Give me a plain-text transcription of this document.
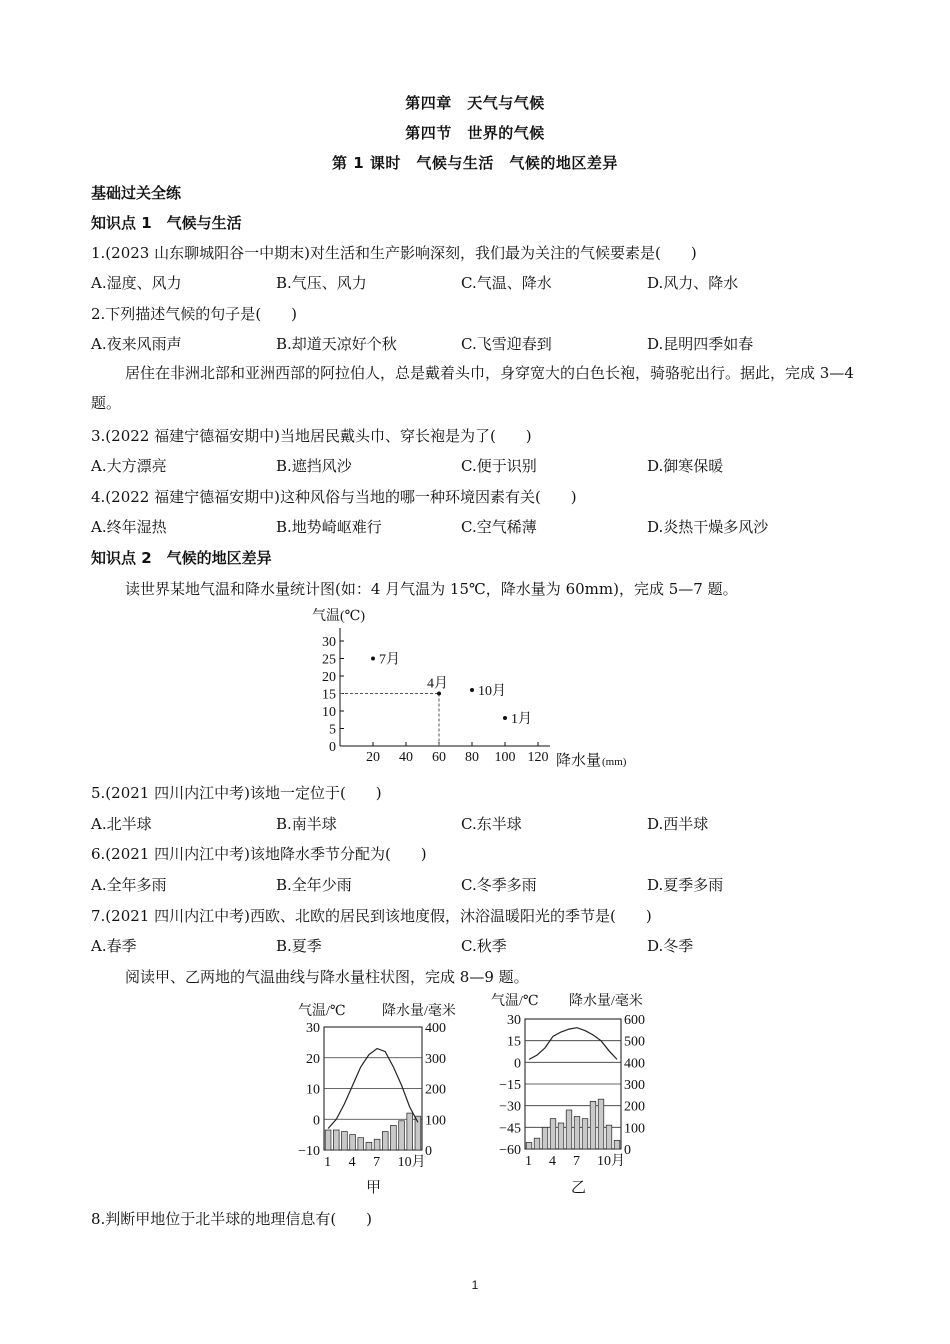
第四章　天气与气候
第四节　世界的气候
第 1 课时　气候与生活　气候的地区差异
基础过关全练
知识点 1　气候与生活
1.(2023 山东聊城阳谷一中期末)对生活和生产影响深刻，我们最为关注的气候要素是(　　)
A.湿度、风力	B.气压、风力	C.气温、降水	D.风力、降水
2.下列描述气候的句子是(　　)
A.夜来风雨声	B.却道天凉好个秋	C.飞雪迎春到	D.昆明四季如春
居住在非洲北部和亚洲西部的阿拉伯人，总是戴着头巾，身穿宽大的白色长袍，骑骆驼出行。据此，完成 3—4 题。
3.(2022 福建宁德福安期中)当地居民戴头巾、穿长袍是为了(　　)
A.大方漂亮	B.遮挡风沙	C.便于识别	D.御寒保暖
4.(2022 福建宁德福安期中)这种风俗与当地的哪一种环境因素有关(　　)
A.终年湿热	B.地势崎岖难行	C.空气稀薄	D.炎热干燥多风沙
知识点 2　气候的地区差异
读世界某地气温和降水量统计图(如：4 月气温为 15℃，降水量为 60mm)，完成 5—7 题。
气温(℃)
0
5
10
15
20
25
30
20 40 60 80 100 120
7月
4月 10月
1月
降水量 (mm)
5.(2021 四川内江中考)该地一定位于(　　)
A.北半球	B.南半球	C.东半球	D.西半球
6.(2021 四川内江中考)该地降水季节分配为(　　)
A.全年多雨	B.全年少雨	C.冬季多雨	D.夏季多雨
7.(2021 四川内江中考)西欧、北欧的居民到该地度假，沐浴温暖阳光的季节是(　　)
A.春季	B.夏季	C.秋季	D.冬季
阅读甲、乙两地的气温曲线与降水量柱状图，完成 8—9 题。
气温/℃	降水量/毫米
30
20
10
0
−10
400
300
200
100
0
1 4 7 10月
甲
气温/℃ 降水量/毫米
30
15
0
−15
−30
−45
−60
600
500
400
300
200
100
0
1 4 7 10月
乙
8.判断甲地位于北半球的地理信息有(　　)
1
